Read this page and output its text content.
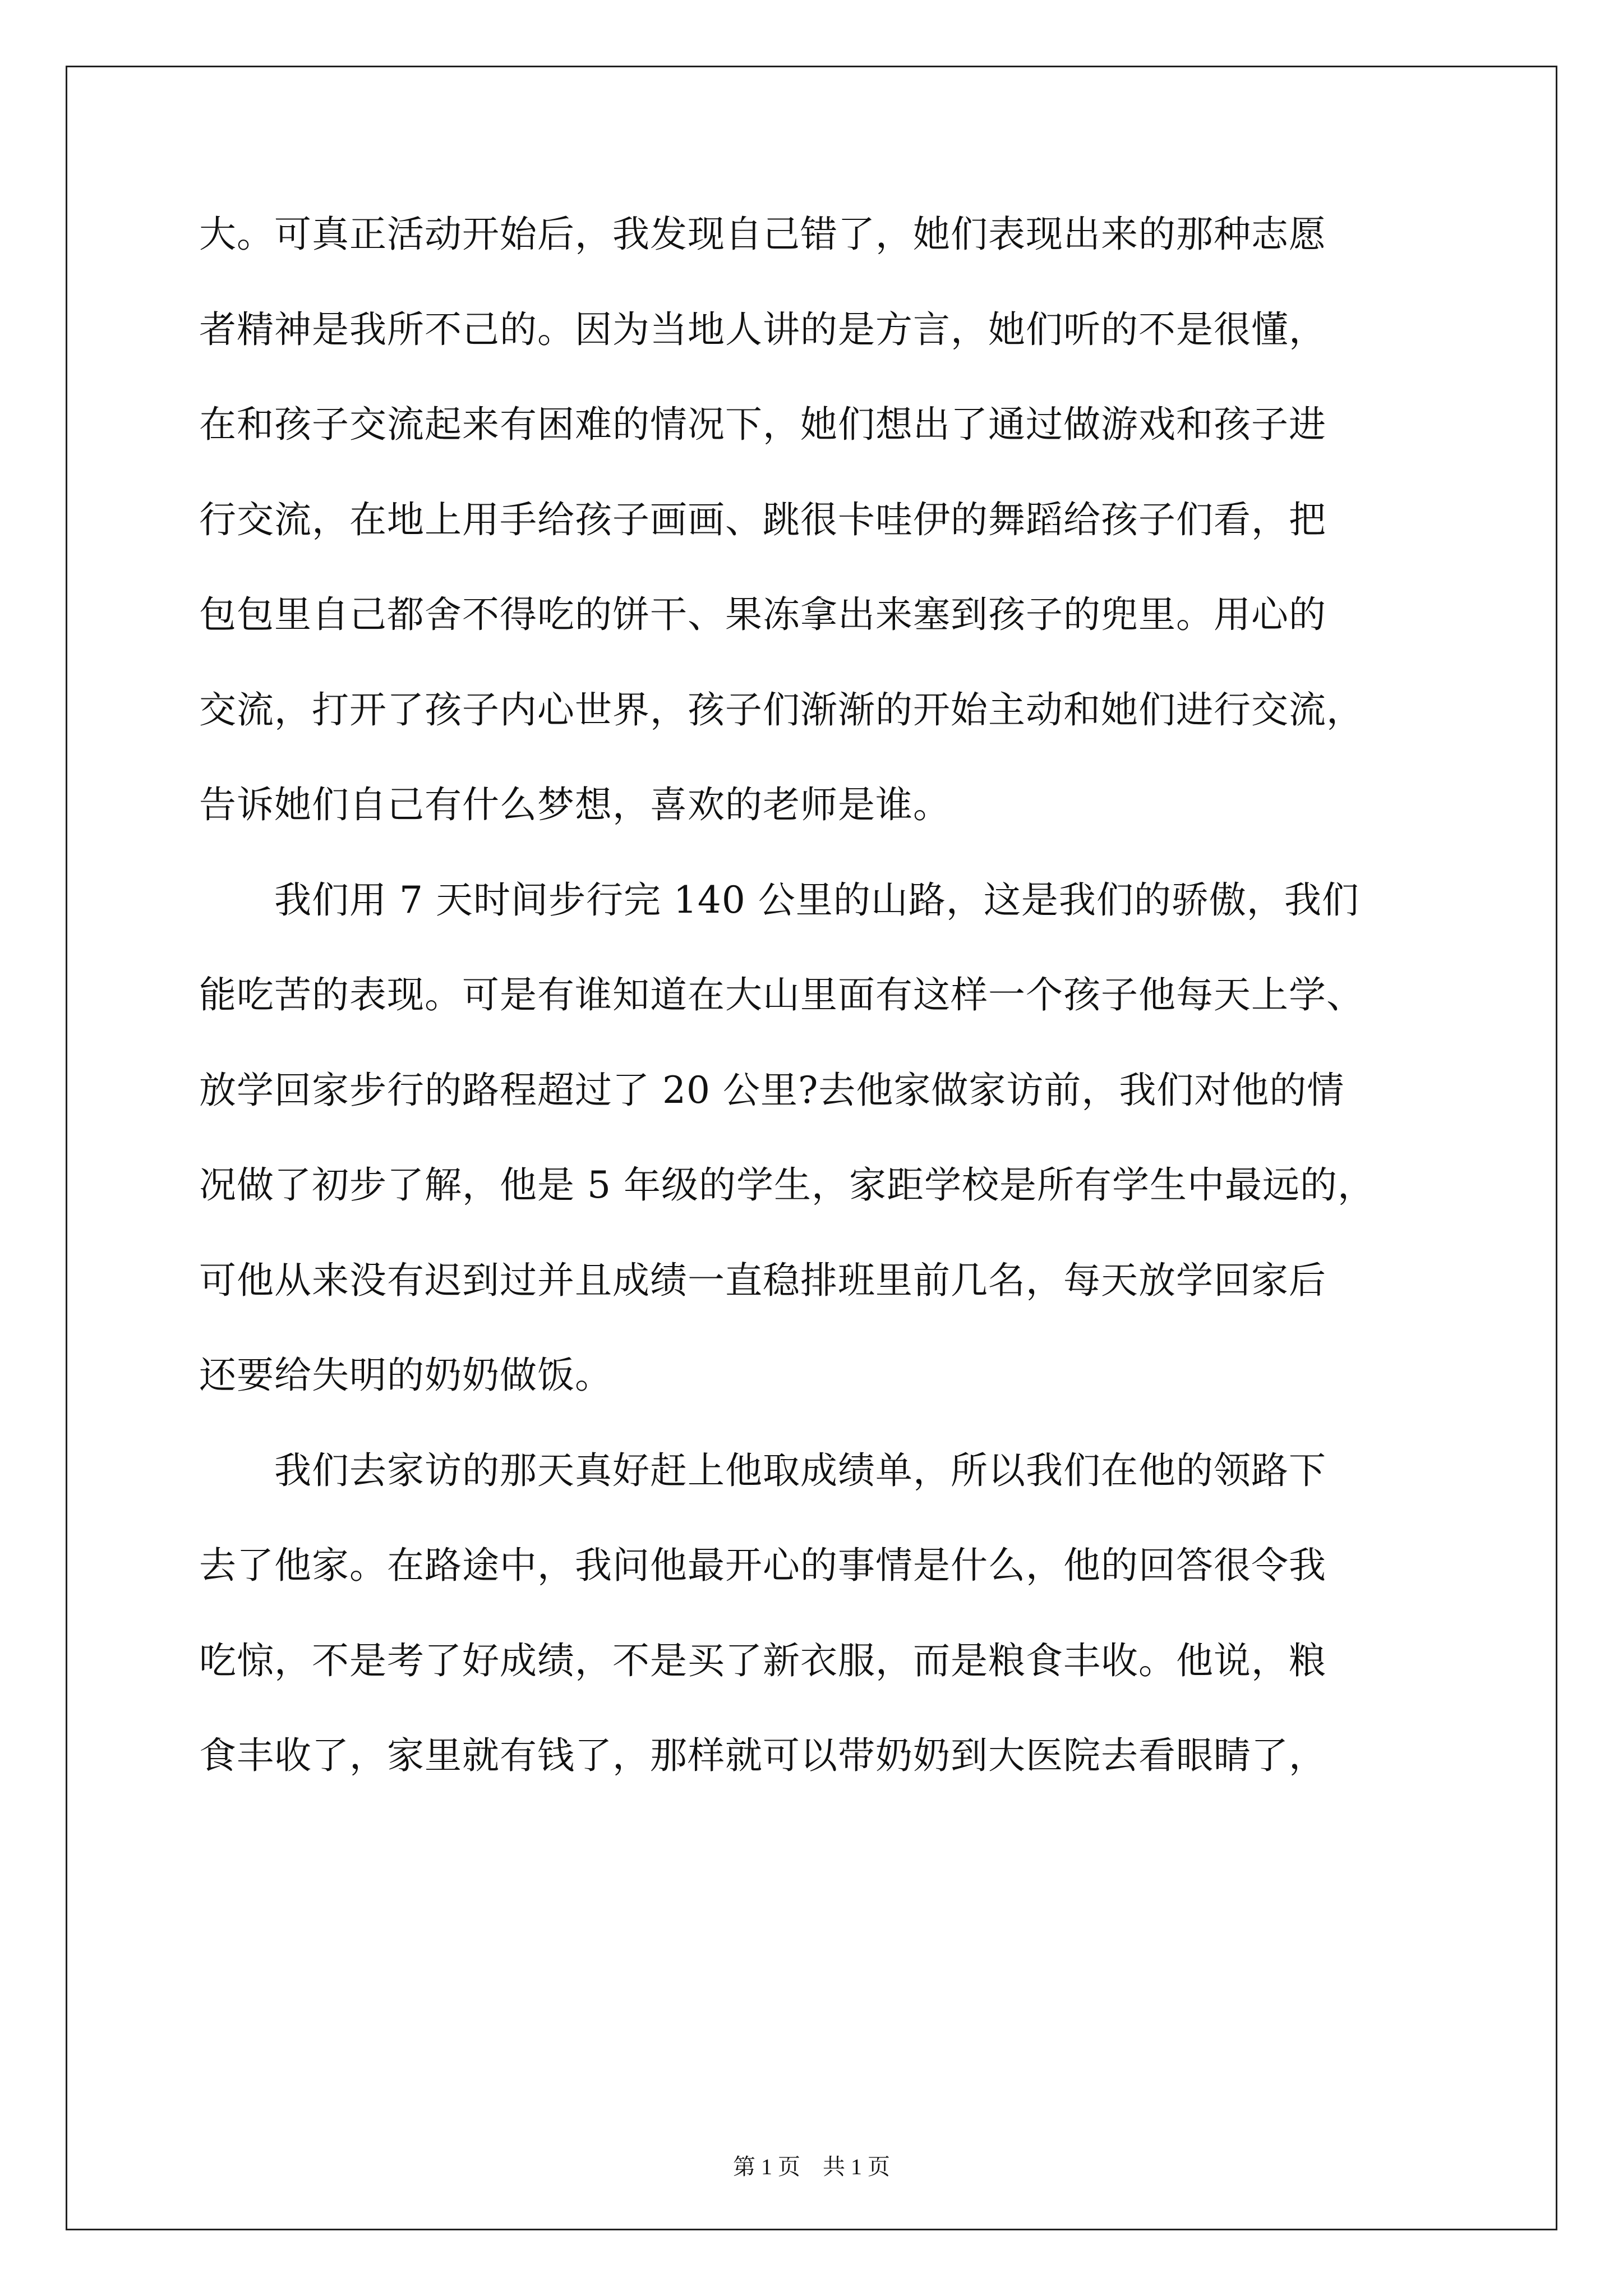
大。可真正活动开始后，我发现自己错了，她们表现出来的那种志愿
者精神是我所不己的。因为当地人讲的是方言，她们听的不是很懂，
在和孩子交流起来有困难的情况下，她们想出了通过做游戏和孩子进
行交流，在地上用手给孩子画画、跳很卡哇伊的舞蹈给孩子们看，把
包包里自己都舍不得吃的饼干、果冻拿出来塞到孩子的兜里。用心的
交流，打开了孩子内心世界，孩子们渐渐的开始主动和她们进行交流，
告诉她们自己有什么梦想，喜欢的老师是谁。
　　我们用 7 天时间步行完 140 公里的山路，这是我们的骄傲，我们
能吃苦的表现。可是有谁知道在大山里面有这样一个孩子他每天上学、
放学回家步行的路程超过了 20 公里?去他家做家访前，我们对他的情
况做了初步了解，他是 5 年级的学生，家距学校是所有学生中最远的，
可他从来没有迟到过并且成绩一直稳排班里前几名，每天放学回家后
还要给失明的奶奶做饭。
　　我们去家访的那天真好赶上他取成绩单，所以我们在他的领路下
去了他家。在路途中，我问他最开心的事情是什么，他的回答很令我
吃惊，不是考了好成绩，不是买了新衣服，而是粮食丰收。他说，粮
食丰收了，家里就有钱了，那样就可以带奶奶到大医院去看眼睛了，
第 1 页　共 1 页
